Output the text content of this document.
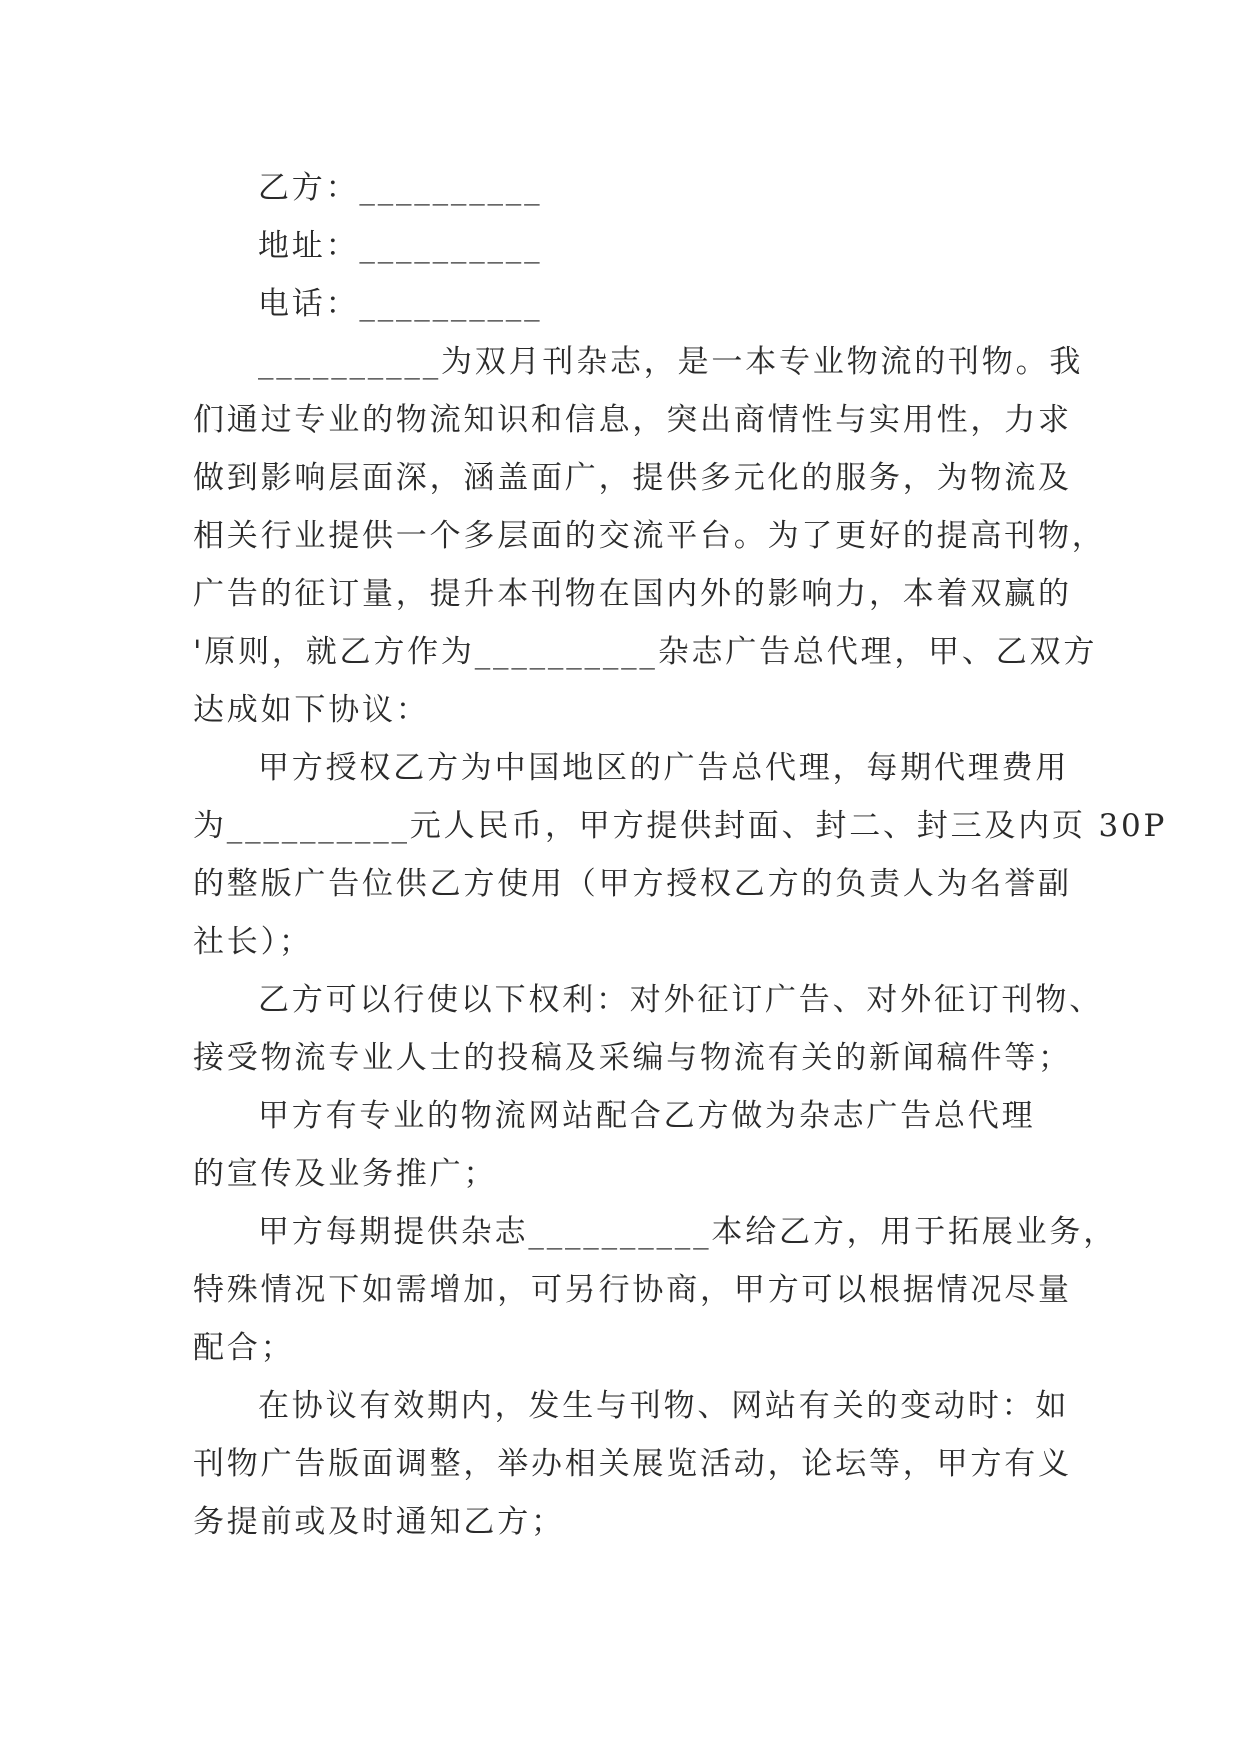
乙方：__________
地址：__________
电话：__________
__________为双月刊杂志，是一本专业物流的刊物。我
们通过专业的物流知识和信息，突出商情性与实用性，力求
做到影响层面深，涵盖面广，提供多元化的服务，为物流及
相关行业提供一个多层面的交流平台。为了更好的提高刊物，
广告的征订量，提升本刊物在国内外的影响力，本着双赢的
'原则，就乙方作为__________杂志广告总代理，甲、乙双方
达成如下协议：
甲方授权乙方为中国地区的广告总代理，每期代理费用
为__________元人民币，甲方提供封面、封二、封三及内页 30P
的整版广告位供乙方使用（甲方授权乙方的负责人为名誉副
社长）；
乙方可以行使以下权利：对外征订广告、对外征订刊物、
接受物流专业人士的投稿及采编与物流有关的新闻稿件等；
甲方有专业的物流网站配合乙方做为杂志广告总代理
的宣传及业务推广；
甲方每期提供杂志__________本给乙方，用于拓展业务，
特殊情况下如需增加，可另行协商，甲方可以根据情况尽量
配合；
在协议有效期内，发生与刊物、网站有关的变动时：如
刊物广告版面调整，举办相关展览活动，论坛等，甲方有义
务提前或及时通知乙方；
